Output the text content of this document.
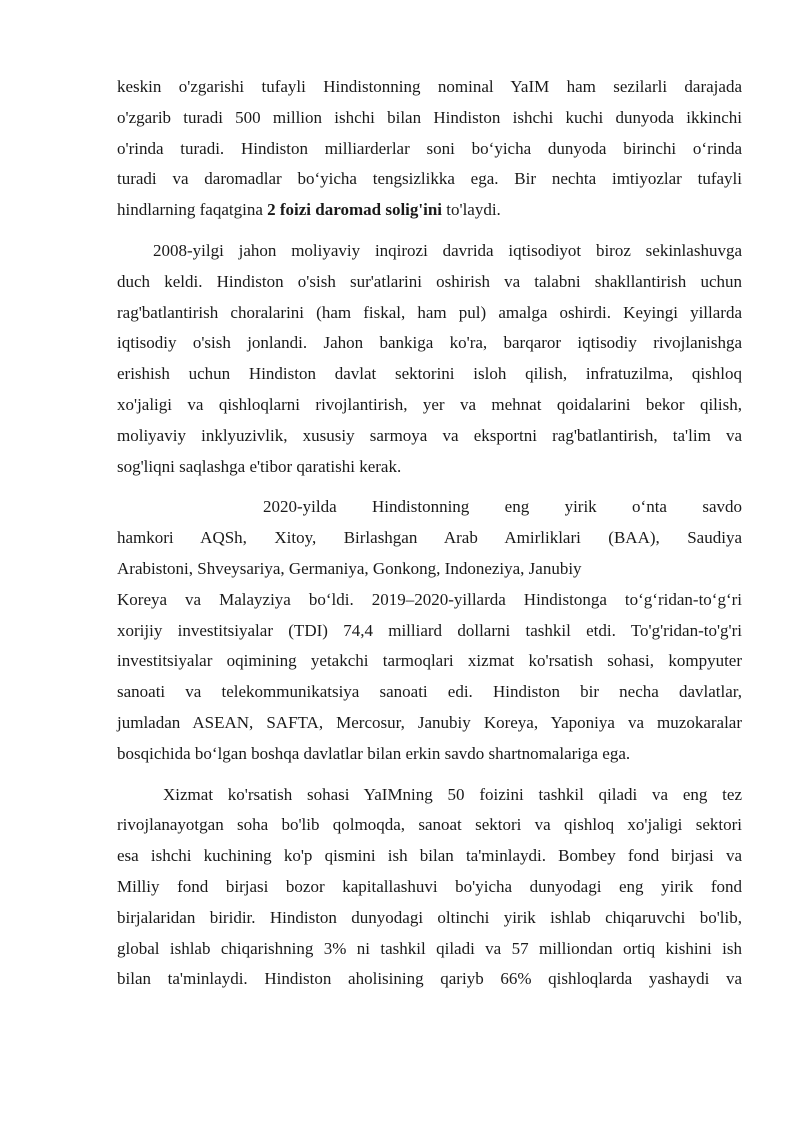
keskin o'zgarishi tufayli Hindistonning nominal YaIM ham sezilarli darajada
o'zgarib turadi 500 million ishchi bilan Hindiston ishchi kuchi dunyoda ikkinchi
o'rinda turadi. Hindiston milliarderlar soni boʻyicha dunyoda birinchi oʻrinda
turadi va daromadlar boʻyicha tengsizlikka ega. Bir nechta imtiyozlar tufayli
hindlarning faqatgina 2 foizi daromad solig'ini to'laydi.
2008-yilgi jahon moliyaviy inqirozi davrida iqtisodiyot biroz sekinlashuvga
duch keldi. Hindiston o'sish sur'atlarini oshirish va talabni shakllantirish uchun
rag'batlantirish choralarini (ham fiskal, ham pul) amalga oshirdi. Keyingi yillarda
iqtisodiy o'sish jonlandi. Jahon bankiga ko'ra, barqaror iqtisodiy rivojlanishga
erishish uchun Hindiston davlat sektorini isloh qilish, infratuzilma, qishloq
xo'jaligi va qishloqlarni rivojlantirish, yer va mehnat qoidalarini bekor qilish,
moliyaviy inklyuzivlik, xususiy sarmoya va eksportni rag'batlantirish, ta'lim va
sog'liqni saqlashga e'tibor qaratishi kerak.
2020-yilda Hindistonning eng yirik oʻnta savdo
hamkori AQSh, Xitoy, Birlashgan Arab Amirliklari (BAA), Saudiya
Arabistoni, Shveysariya, Germaniya, Gonkong, Indoneziya, Janubiy
Koreya va Malayziya boʻldi. 2019–2020-yillarda Hindistonga toʻgʻridan-toʻgʻri
xorijiy investitsiyalar (TDI) 74,4 milliard dollarni tashkil etdi. To'g'ridan-to'g'ri
investitsiyalar oqimining yetakchi tarmoqlari xizmat ko'rsatish sohasi, kompyuter
sanoati va telekommunikatsiya sanoati edi. Hindiston bir necha davlatlar,
jumladan ASEAN, SAFTA, Mercosur, Janubiy Koreya, Yaponiya va muzokaralar
bosqichida boʻlgan boshqa davlatlar bilan erkin savdo shartnomalariga ega.
Xizmat ko'rsatish sohasi YaIMning 50 foizini tashkil qiladi va eng tez
rivojlanayotgan soha bo'lib qolmoqda, sanoat sektori va qishloq xo'jaligi sektori
esa ishchi kuchining ko'p qismini ish bilan ta'minlaydi. Bombey fond birjasi va
Milliy fond birjasi bozor kapitallashuvi bo'yicha dunyodagi eng yirik fond
birjalaridan biridir. Hindiston dunyodagi oltinchi yirik ishlab chiqaruvchi bo'lib,
global ishlab chiqarishning 3% ni tashkil qiladi va 57 milliondan ortiq kishini ish
bilan ta'minlaydi. Hindiston aholisining qariyb 66% qishloqlarda yashaydi va
